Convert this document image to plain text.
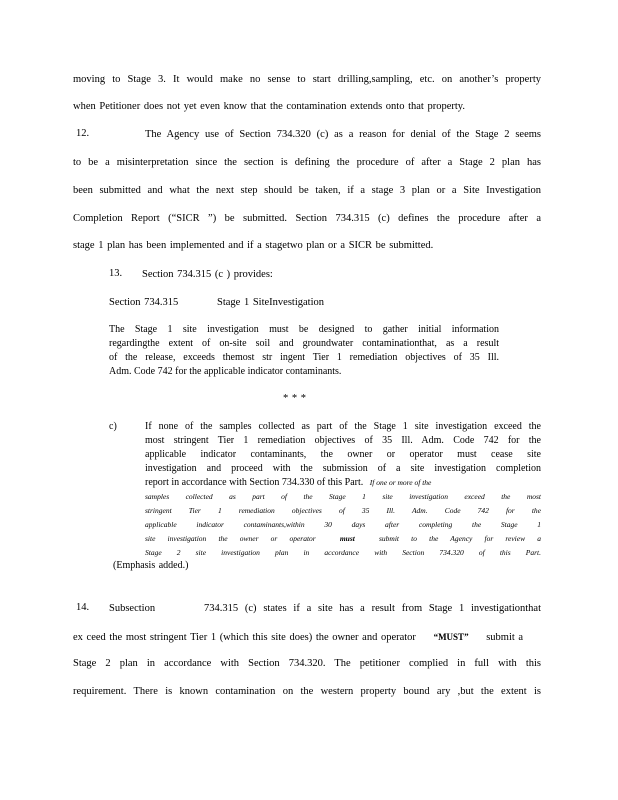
moving to Stage 3. It would make no sense to start drilling,sampling, etc. on another’s property
when Petitioner does not yet even know that the contamination extends onto that property.
12.	The Agency use of Section 734.320 (c) as a reason for denial of the Stage 2 seems
to be a misinterpretation since the section is defining the procedure of after a Stage 2 plan has
been submitted and what the next step should be taken, if a stage 3 plan or a Site Investigation
Completion Report (“SICR ”) be submitted. Section 734.315 (c) defines the procedure after a
stage 1 plan has been implemented and if a stagetwo plan or a SICR be submitted.
13. Section 734.315 (c ) provides:
Section 734.315	Stage 1 SiteInvestigation
The Stage 1 site investigation must be designed to gather initial information
regardingthe extent of on-site soil and groundwater contaminationthat, as a result
of the release, exceeds themost str ingent Tier 1 remediation objectives of 35 Ill.
Adm. Code 742 for the applicable indicator contaminants.
* * *
c)	If none of the samples collected as part of the Stage 1 site investigation exceed the
most stringent Tier 1 remediation objectives of 35 Ill. Adm. Code 742 for the
applicable indicator contaminants, the owner or operator must cease site
investigation and proceed with the submission of a site investigation completion
report in accordance with Section 734.330 of this Part. If one or more of the
samples collected as part of the Stage 1 site investigation exceed the most
stringent Tier 1 remediation objectives of 35 Ill. Adm. Code 742 for the
applicable indicator contaminants,within 30 days after completing the Stage 1
site investigation the owner or operator	must	submit to the Agency for review a
Stage 2 site investigation plan in accordance with Section 734.320 of this Part.
(Emphasis added.)
14. Subsection	734.315 (c) states if a site has a result from Stage 1 investigationthat
ex ceed the most stringent Tier 1 (which this site does) the owner and operator “MUST” submit a
Stage 2 plan in accordance with Section 734.320. The petitioner complied in full with this
requirement. There is known contamination on the western property bound ary ,but the extent is
